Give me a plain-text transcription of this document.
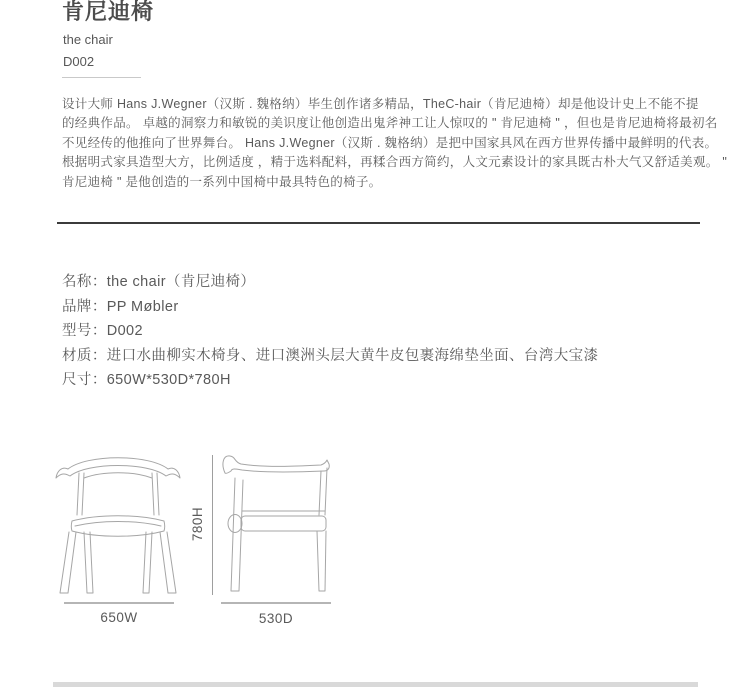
肯尼迪椅
the chair
D002
设计大师 Hans J.Wegner（汉斯 . 魏格纳）毕生创作诸多精品，TheC-hair（肯尼迪椅）却是他设计史上不能不提
的经典作品。 卓越的洞察力和敏锐的美识度让他创造出鬼斧神工让人惊叹的 " 肯尼迪椅 " ，但也是肯尼迪椅将最初名
不见经传的他推向了世界舞台。 Hans J.Wegner（汉斯 . 魏格纳）是把中国家具风在西方世界传播中最鲜明的代表。
根据明式家具造型大方，比例适度 ，精于选料配料，再糅合西方简约，人文元素设计的家具既古朴大气又舒适美观。 "
肯尼迪椅 " 是他创造的一系列中国椅中最具特色的椅子。
名称：the chair（肯尼迪椅）
品牌：PP Møbler
型号：D002
材质：进口水曲柳实木椅身、进口澳洲头层大黄牛皮包裹海绵垫坐面、台湾大宝漆
尺寸：650W*530D*780H
780H
650W	530D
